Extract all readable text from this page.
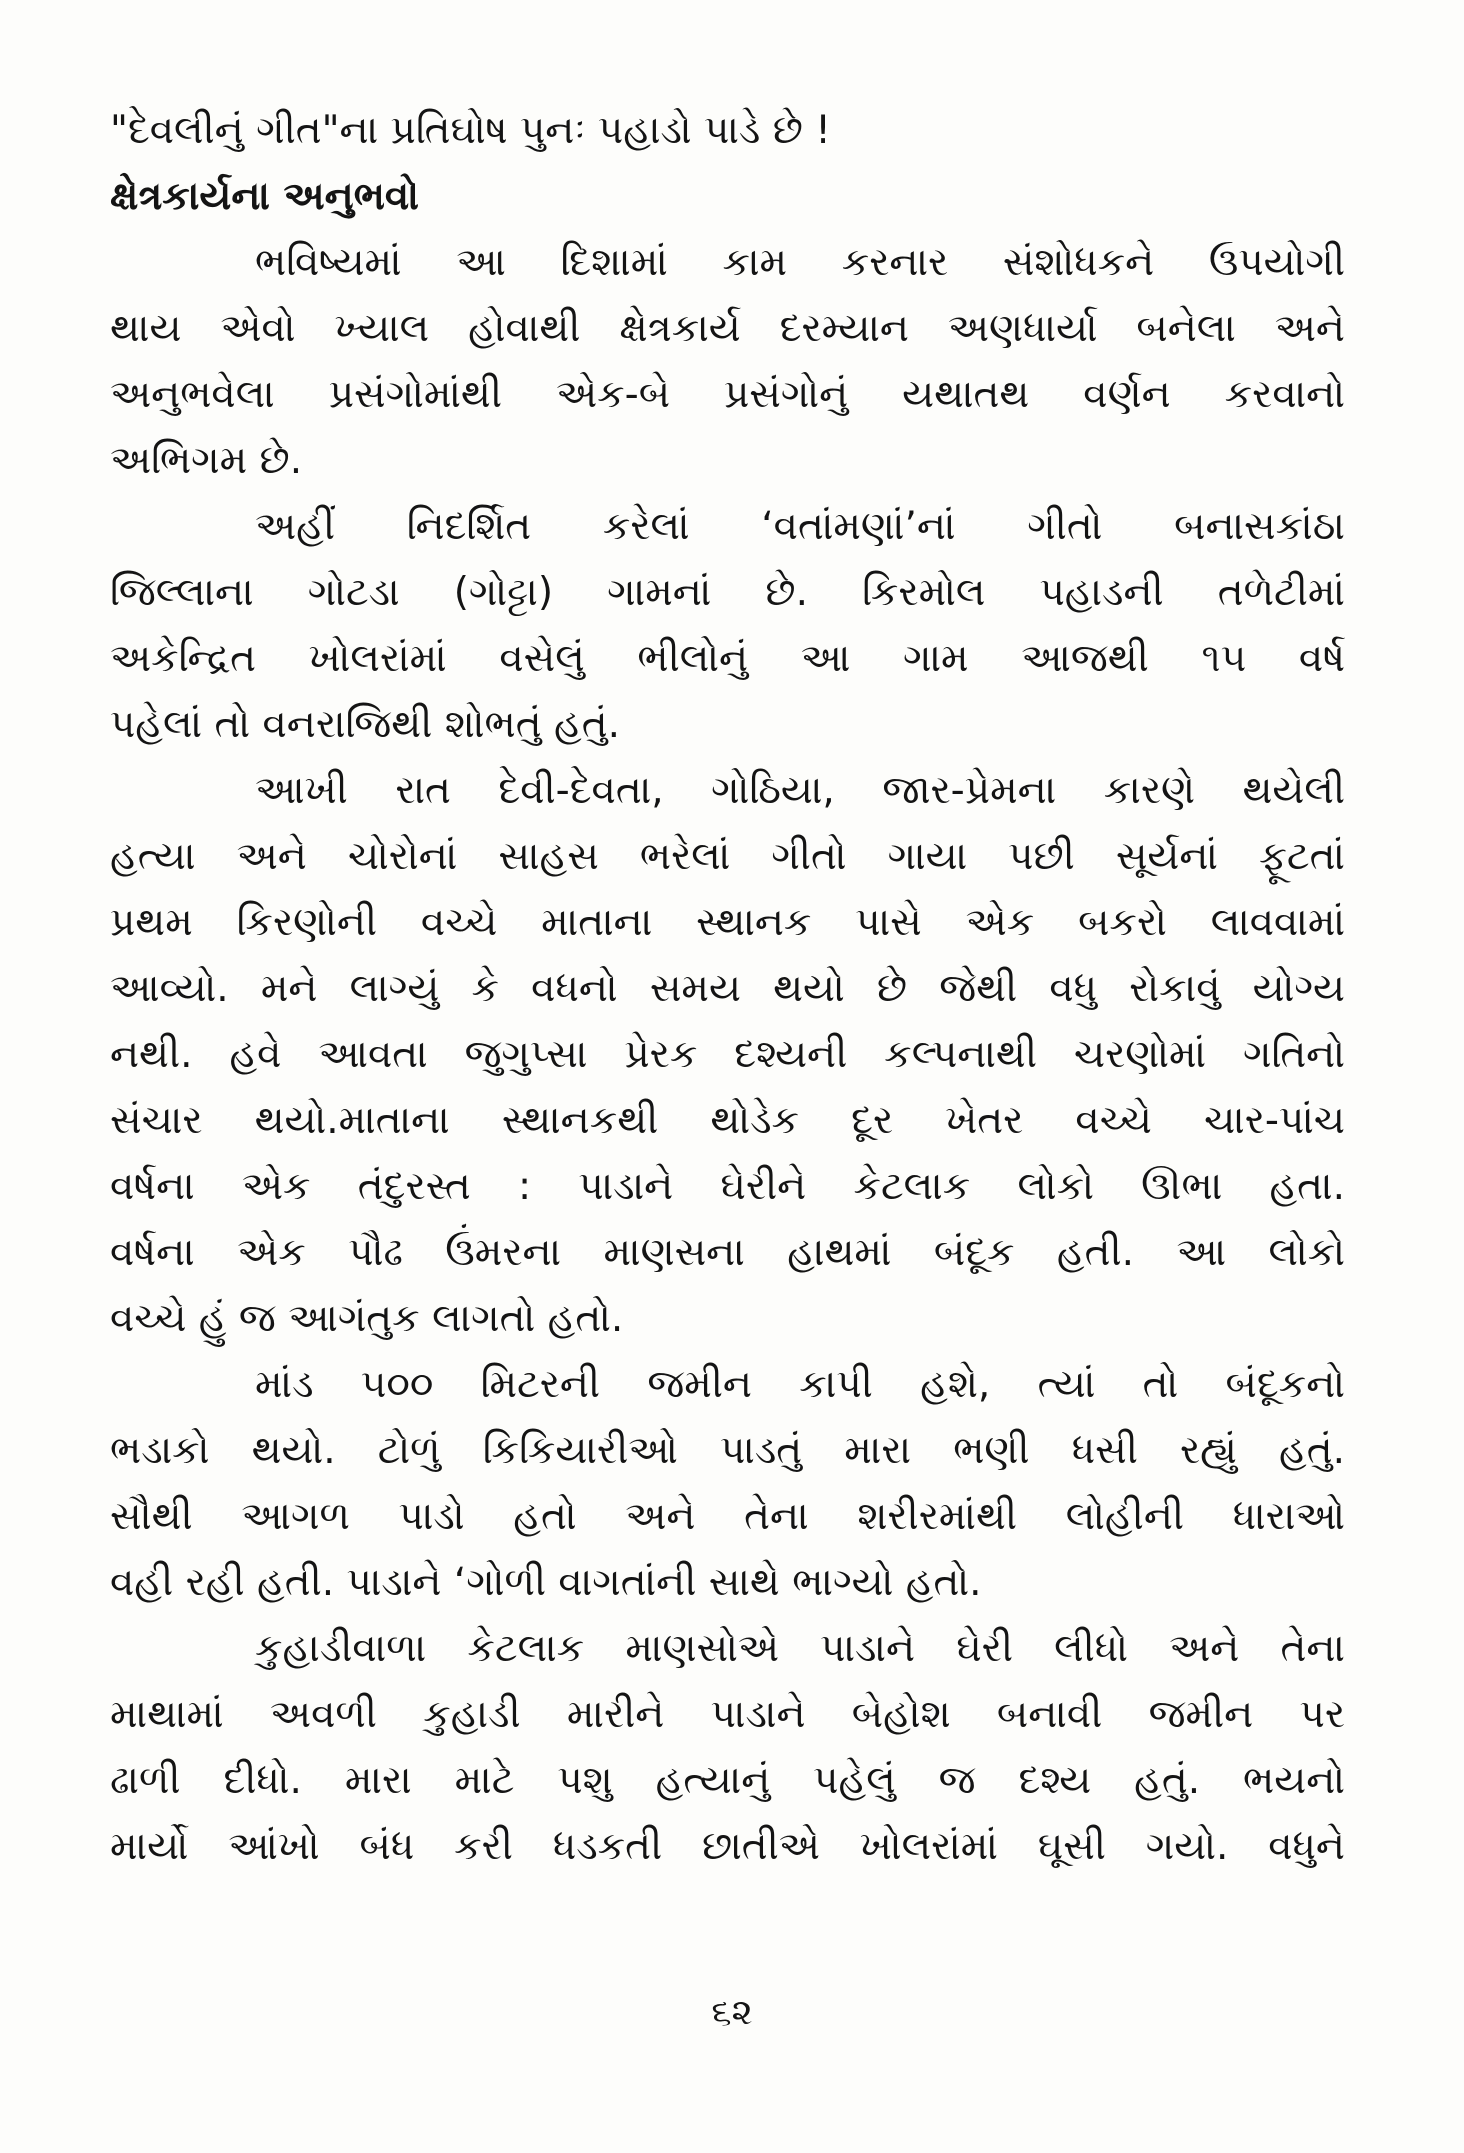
"દેવલીનું ગીત"ના પ્રતિઘોષ પુનઃ પહાડો પાડે છે !
ક્ષેત્રકાર્યના અનુભવો

ભવિષ્યમાં આ દિશામાં કામ કરનાર સંશોધકને ઉપયોગી
થાય એવો ખ્યાલ હોવાથી ક્ષેત્રકાર્ય દરમ્યાન અણધાર્યા બનેલા અને
અનુભવેલા પ્રસંગોમાંથી એક-બે પ્રસંગોનું યથાતથ વર્ણન કરવાનો
અભિગમ છે.

અહીં નિદર્શિત કરેલાં ‘વતાંમણાં’નાં ગીતો બનાસકાંઠા
જિલ્લાના ગોટડા (ગોટ્ટા) ગામનાં છે. કિરમોલ પહાડની તળેટીમાં
અકેન્દ્રિત ખોલરાંમાં વસેલું ભીલોનું આ ગામ આજથી ૧૫ વર્ષ
પહેલાં તો વનરાજિથી શોભતું હતું.

આખી રાત દેવી-દેવતા, ગોઠિયા, જાર-પ્રેમના કારણે થયેલી
હત્યા અને ચોરોનાં સાહસ ભરેલાં ગીતો ગાયા પછી સૂર્યનાં ફૂટતાં
પ્રથમ કિરણોની વચ્ચે માતાના સ્થાનક પાસે એક બકરો લાવવામાં
આવ્યો. મને લાગ્યું કે વધનો સમય થયો છે જેથી વધુ રોકાવું યોગ્ય
નથી. હવે આવતા જુગુપ્સા પ્રેરક દશ્યની કલ્પનાથી ચરણોમાં ગતિનો
સંચાર થયો.માતાના સ્થાનકથી થોડેક દૂર ખેતર વચ્ચે ચાર-પાંચ
વર્ષના એક તંદુરસ્ત : પાડાને ઘેરીને કેટલાક લોકો ઊભા હતા.
વર્ષના એક પૌઢ ઉંમરના માણસના હાથમાં બંદૂક હતી. આ લોકો
વચ્ચે હું જ આગંતુક લાગતો હતો.

માંડ ૫૦૦ મિટરની જમીન કાપી હશે, ત્યાં તો બંદૂકનો
ભડાકો થયો. ટોળું કિકિયારીઓ પાડતું મારા ભણી ધસી રહ્યું હતું.
સૌથી આગળ પાડો હતો અને તેના શરીરમાંથી લોહીની ધારાઓ
વહી રહી હતી. પાડાને ‘ગોળી વાગતાંની સાથે ભાગ્યો હતો.

કુહાડીવાળા કેટલાક માણસોએ પાડાને ઘેરી લીધો અને તેના
માથામાં અવળી કુહાડી મારીને પાડાને બેહોશ બનાવી જમીન પર
ઢાળી દીધો. મારા માટે પશુ હત્યાનું પહેલું જ દશ્ય હતું. ભયનો
માર્યો આંખો બંધ કરી ધડકતી છાતીએ ખોલરાંમાં ઘૂસી ગયો. વધુને

૬૨
